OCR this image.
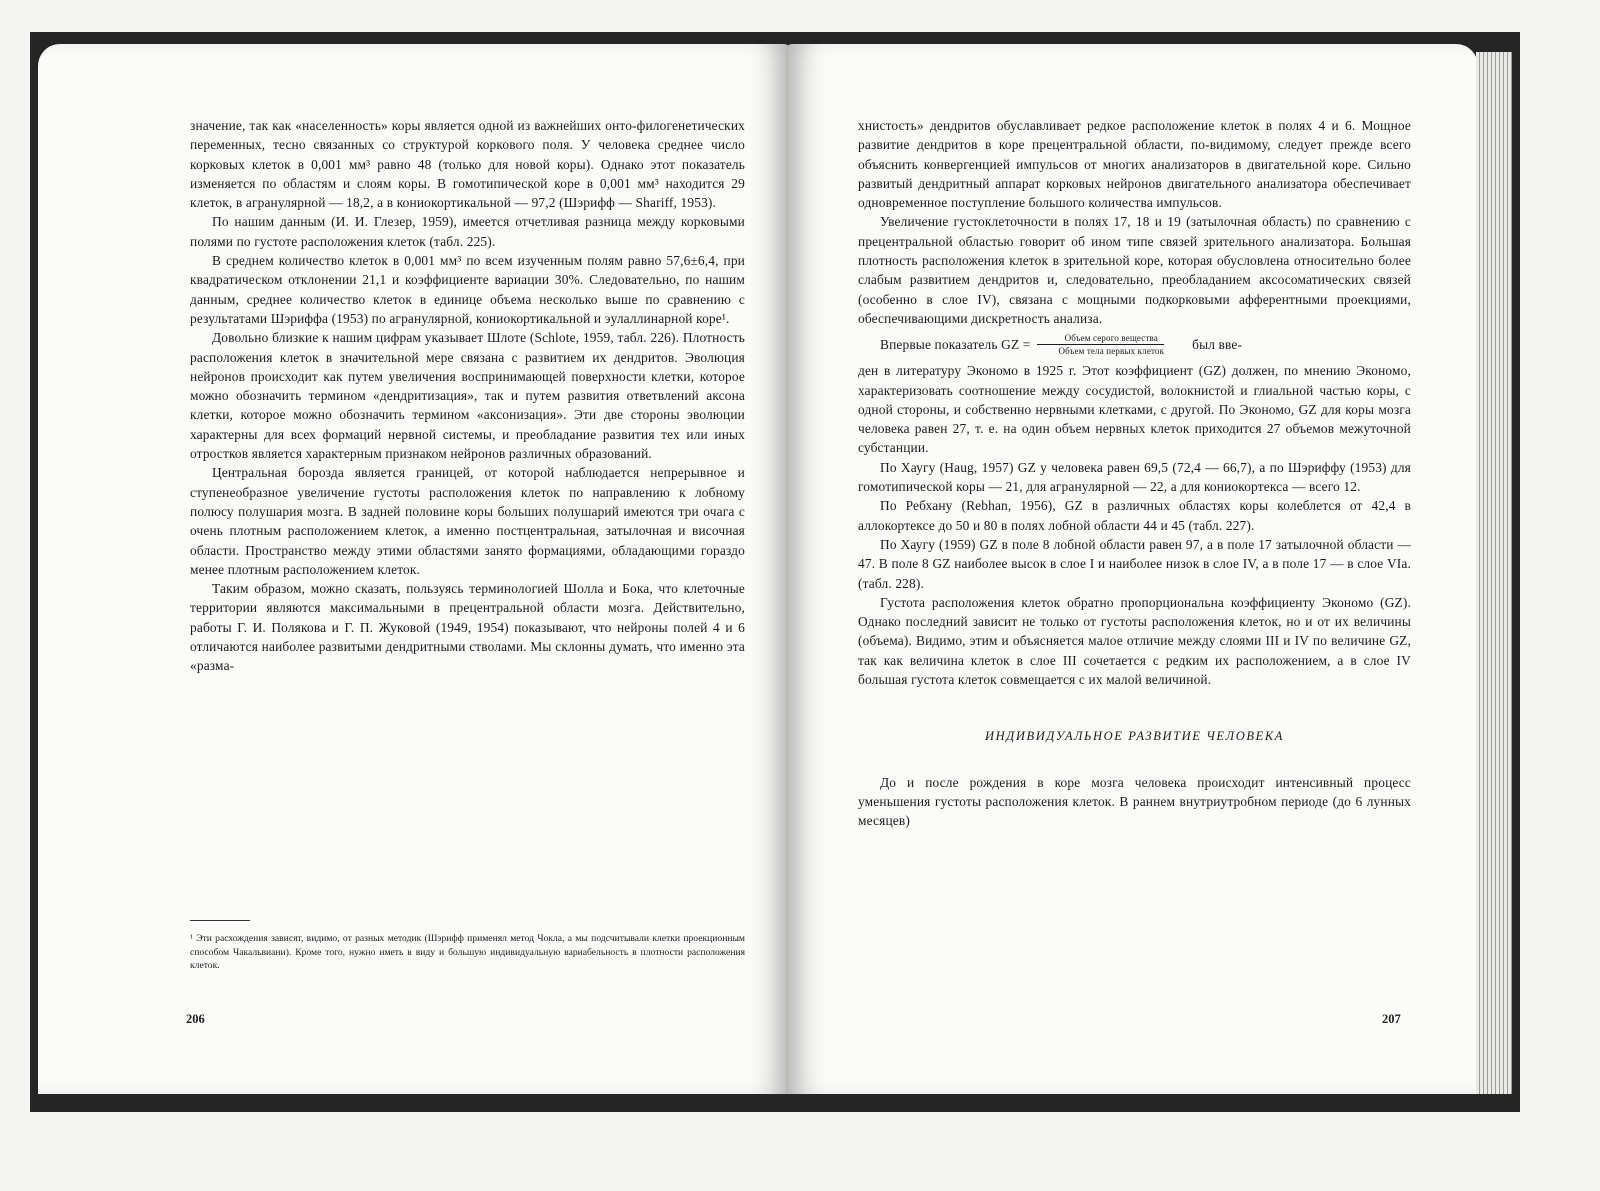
значение, так как «населенность» коры является одной из важнейших онто-филогенетических переменных, тесно связанных со структурой коркового поля. У человека среднее число корковых клеток в 0,001 мм³ равно 48 (только для новой коры). Однако этот показатель изменяется по областям и слоям коры. В гомотипической коре в 0,001 мм³ находится 29 клеток, в агранулярной — 18,2, а в кониокортикальной — 97,2 (Шэрифф — Shariff, 1953).

По нашим данным (И. И. Глезер, 1959), имеется отчетливая разница между корковыми полями по густоте расположения клеток (табл. 225).

В среднем количество клеток в 0,001 мм³ по всем изученным полям равно 57,6±6,4, при квадратическом отклонении 21,1 и коэффициенте вариации 30%. Следовательно, по нашим данным, среднее количество клеток в единице объема несколько выше по сравнению с результатами Шэриффа (1953) по агранулярной, кониокортикальной и эулаллинарной коре¹.

Довольно близкие к нашим цифрам указывает Шлоте (Schlote, 1959, табл. 226). Плотность расположения клеток в значительной мере связана с развитием их дендритов. Эволюция нейронов происходит как путем увеличения воспринимающей поверхности клетки, которое можно обозначить термином «дендритизация», так и путем развития ответвлений аксона клетки, которое можно обозначить термином «аксонизация». Эти две стороны эволюции характерны для всех формаций нервной системы, и преобладание развития тех или иных отростков является характерным признаком нейронов различных образований.

Центральная борозда является границей, от которой наблюдается непрерывное и ступенеобразное увеличение густоты расположения клеток по направлению к лобному полюсу полушария мозга. В задней половине коры больших полушарий имеются три очага с очень плотным расположением клеток, а именно постцентральная, затылочная и височная области. Пространство между этими областями занято формациями, обладающими гораздо менее плотным расположением клеток.

Таким образом, можно сказать, пользуясь терминологией Шолла и Бока, что клеточные территории являются максимальными в прецентральной области мозга. Действительно, работы Г. И. Полякова и Г. П. Жуковой (1949, 1954) показывают, что нейроны полей 4 и 6 отличаются наиболее развитыми дендритными стволами. Мы склонны думать, что именно эта «разма-

¹ Эти расхождения зависят, видимо, от разных методик (Шэрифф применял метод Чокла, а мы подсчитывали клетки проекционным способом Чакальвиани). Кроме того, нужно иметь в виду и большую индивидуальную вариабельность в плотности расположения клеток.
206

хнистость» дендритов обуславливает редкое расположение клеток в полях 4 и 6. Мощное развитие дендритов в коре прецентральной области, по-видимому, следует прежде всего объяснить конвергенцией импульсов от многих анализаторов в двигательной коре. Сильно развитый дендритный аппарат корковых нейронов двигательного анализатора обеспечивает одновременное поступление большого количества импульсов.

Увеличение густоклеточности в полях 17, 18 и 19 (затылочная область) по сравнению с прецентральной областью говорит об ином типе связей зрительного анализатора. Большая плотность расположения клеток в зрительной коре, которая обусловлена относительно более слабым развитием дендритов и, следовательно, преобладанием аксосоматических связей (особенно в слое IV), связана с мощными подкорковыми афферентными проекциями, обеспечивающими дискретность анализа.

Впервые показатель GZ = $\frac{\text{Объем серого вещества}}{\text{Объем тела первых клеток}}$	был вве-

ден в литературу Экономо в 1925 г. Этот коэффициент (GZ) должен, по мнению Экономо, характеризовать соотношение между сосудистой, волокнистой и глиальной частью коры, с одной стороны, и собственно нервными клетками, с другой. По Экономо, GZ для коры мозга человека равен 27, т. е. на один объем нервных клеток приходится 27 объемов межуточной субстанции.

По Хаугу (Haug, 1957) GZ у человека равен 69,5 (72,4 — 66,7), а по Шэриффу (1953) для гомотипической коры — 21, для агранулярной — 22, а для кониокортекса — всего 12.

По Ребхану (Rebhan, 1956), GZ в различных областях коры колеблется от 42,4 в аллокортексе до 50 и 80 в полях лобной области 44 и 45 (табл. 227).

По Хаугу (1959) GZ в поле 8 лобной области равен 97, а в поле 17 затылочной области — 47. В поле 8 GZ наиболее высок в слое I и наиболее низок в слое IV, а в поле 17 — в слое VIa. (табл. 228).

Густота расположения клеток обратно пропорциональна коэффициенту Экономо (GZ). Однако последний зависит не только от густоты расположения клеток, но и от их величины (объема). Видимо, этим и объясняется малое отличие между слоями III и IV по величине GZ, так как величина клеток в слое III сочетается с редким их расположением, а в слое IV большая густота клеток совмещается с их малой величиной.

ИНДИВИДУАЛЬНОЕ РАЗВИТИЕ ЧЕЛОВЕКА

До и после рождения в коре мозга человека происходит интенсивный процесс уменьшения густоты расположения клеток. В раннем внутриутробном периоде (до 6 лунных месяцев)

207
